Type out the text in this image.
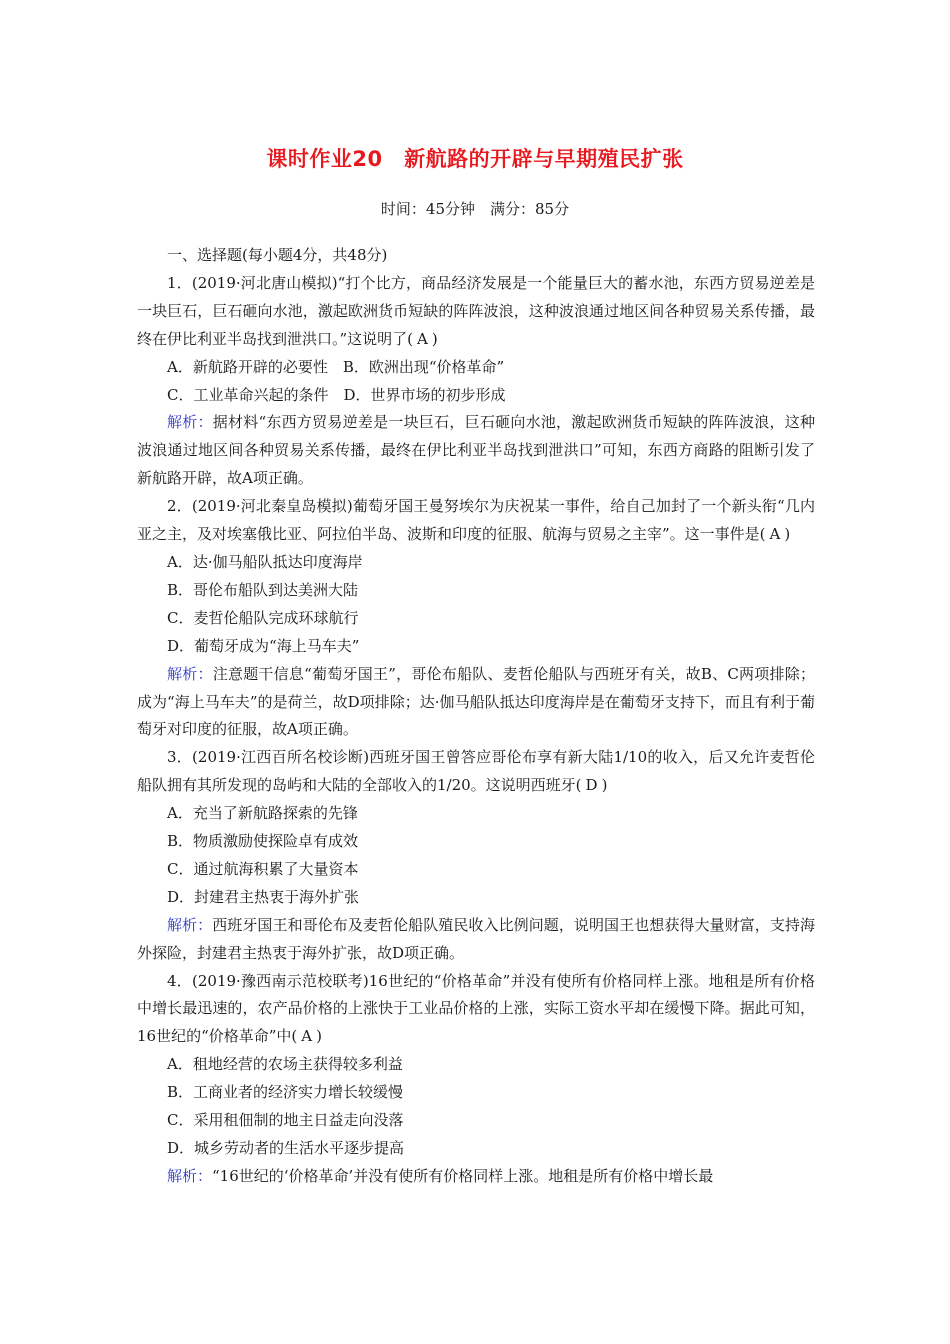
课时作业20　新航路的开辟与早期殖民扩张
时间：45分钟　满分：85分

一、选择题(每小题4分，共48分)

1．(2019·河北唐山模拟)“打个比方，商品经济发展是一个能量巨大的蓄水池，东西方贸易逆差是一块巨石，巨石砸向水池，激起欧洲货币短缺的阵阵波浪，这种波浪通过地区间各种贸易关系传播，最终在伊比利亚半岛找到泄洪口。”这说明了( A )

A．新航路开辟的必要性　B．欧洲出现“价格革命”

C．工业革命兴起的条件　D．世界市场的初步形成

解析：据材料“东西方贸易逆差是一块巨石，巨石砸向水池，激起欧洲货币短缺的阵阵波浪，这种波浪通过地区间各种贸易关系传播，最终在伊比利亚半岛找到泄洪口”可知，东西方商路的阻断引发了新航路开辟，故A项正确。

2．(2019·河北秦皇岛模拟)葡萄牙国王曼努埃尔为庆祝某一事件，给自己加封了一个新头衔“几内亚之主，及对埃塞俄比亚、阿拉伯半岛、波斯和印度的征服、航海与贸易之主宰”。这一事件是( A )

A．达·伽马船队抵达印度海岸

B．哥伦布船队到达美洲大陆

C．麦哲伦船队完成环球航行

D．葡萄牙成为“海上马车夫”

解析：注意题干信息“葡萄牙国王”，哥伦布船队、麦哲伦船队与西班牙有关，故B、C两项排除；成为“海上马车夫”的是荷兰，故D项排除；达·伽马船队抵达印度海岸是在葡萄牙支持下，而且有利于葡萄牙对印度的征服，故A项正确。

3．(2019·江西百所名校诊断)西班牙国王曾答应哥伦布享有新大陆1/10的收入，后又允许麦哲伦船队拥有其所发现的岛屿和大陆的全部收入的1/20。这说明西班牙( D )

A．充当了新航路探索的先锋

B．物质激励使探险卓有成效

C．通过航海积累了大量资本

D．封建君主热衷于海外扩张

解析：西班牙国王和哥伦布及麦哲伦船队殖民收入比例问题，说明国王也想获得大量财富，支持海外探险，封建君主热衷于海外扩张，故D项正确。

4．(2019·豫西南示范校联考)16世纪的“价格革命”并没有使所有价格同样上涨。地租是所有价格中增长最迅速的，农产品价格的上涨快于工业品价格的上涨，实际工资水平却在缓慢下降。据此可知，16世纪的“价格革命”中( A )

A．租地经营的农场主获得较多利益

B．工商业者的经济实力增长较缓慢

C．采用租佃制的地主日益走向没落

D．城乡劳动者的生活水平逐步提高

解析：“16世纪的‘价格革命’并没有使所有价格同样上涨。地租是所有价格中增长最
